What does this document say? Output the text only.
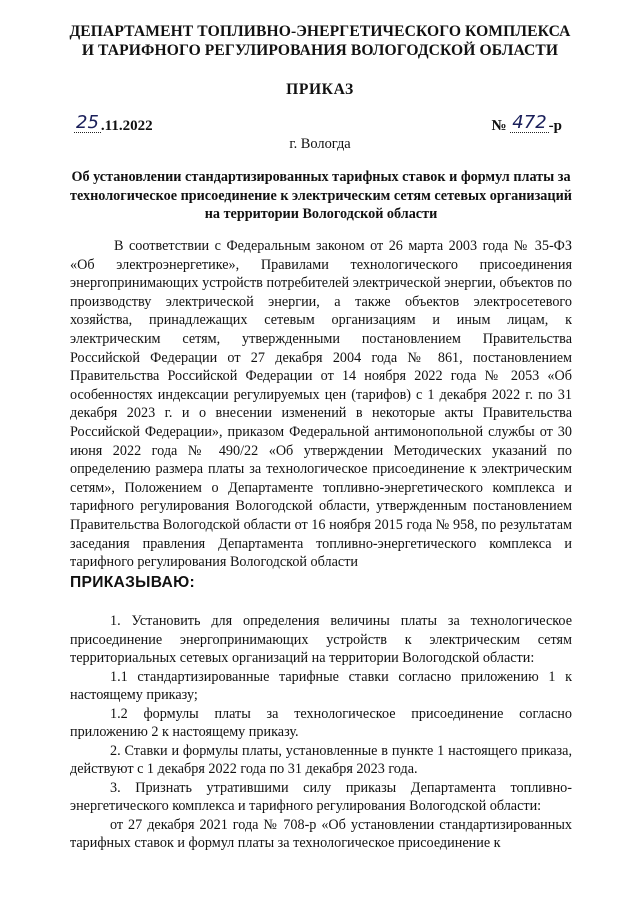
ДЕПАРТАМЕНТ ТОПЛИВНО-ЭНЕРГЕТИЧЕСКОГО КОМПЛЕКСА
И ТАРИФНОГО РЕГУЛИРОВАНИЯ ВОЛОГОДСКОЙ ОБЛАСТИ
ПРИКАЗ
25 .11.2022	№ 472 -р
г. Вологда
Об установлении стандартизированных тарифных ставок и формул платы за технологическое присоединение к электрическим сетям сетевых организаций на территории Вологодской области

В соответствии с Федеральным законом от 26 марта 2003 года № 35-ФЗ «Об электроэнергетике», Правилами технологического присоединения энергопринимающих устройств потребителей электрической энергии, объектов по производству электрической энергии, а также объектов электросетевого хозяйства, принадлежащих сетевым организациям и иным лицам, к электрическим сетям, утвержденными постановлением Правительства Российской Федерации от 27 декабря 2004 года № 861, постановлением Правительства Российской Федерации от 14 ноября 2022 года № 2053 «Об особенностях индексации регулируемых цен (тарифов) с 1 декабря 2022 г. по 31 декабря 2023 г. и о внесении изменений в некоторые акты Правительства Российской Федерации», приказом Федеральной антимонопольной службы от 30 июня 2022 года № 490/22 «Об утверждении Методических указаний по определению размера платы за технологическое присоединение к электрическим сетям», Положением о Департаменте топливно-энергетического комплекса и тарифного регулирования Вологодской области, утвержденным постановлением Правительства Вологодской области от 16 ноября 2015 года № 958, по результатам заседания правления Департамента топливно-энергетического комплекса и тарифного регулирования Вологодской области

ПРИКАЗЫВАЮ:

1. Установить для определения величины платы за технологическое присоединение энергопринимающих устройств к электрическим сетям территориальных сетевых организаций на территории Вологодской области:

1.1 стандартизированные тарифные ставки согласно приложению 1 к настоящему приказу;

1.2 формулы платы за технологическое присоединение согласно приложению 2 к настоящему приказу.

2. Ставки и формулы платы, установленные в пункте 1 настоящего приказа, действуют с 1 декабря 2022 года по 31 декабря 2023 года.

3. Признать утратившими силу приказы Департамента топливно-энергетического комплекса и тарифного регулирования Вологодской области:

от 27 декабря 2021 года № 708-р «Об установлении стандартизированных тарифных ставок и формул платы за технологическое присоединение к
